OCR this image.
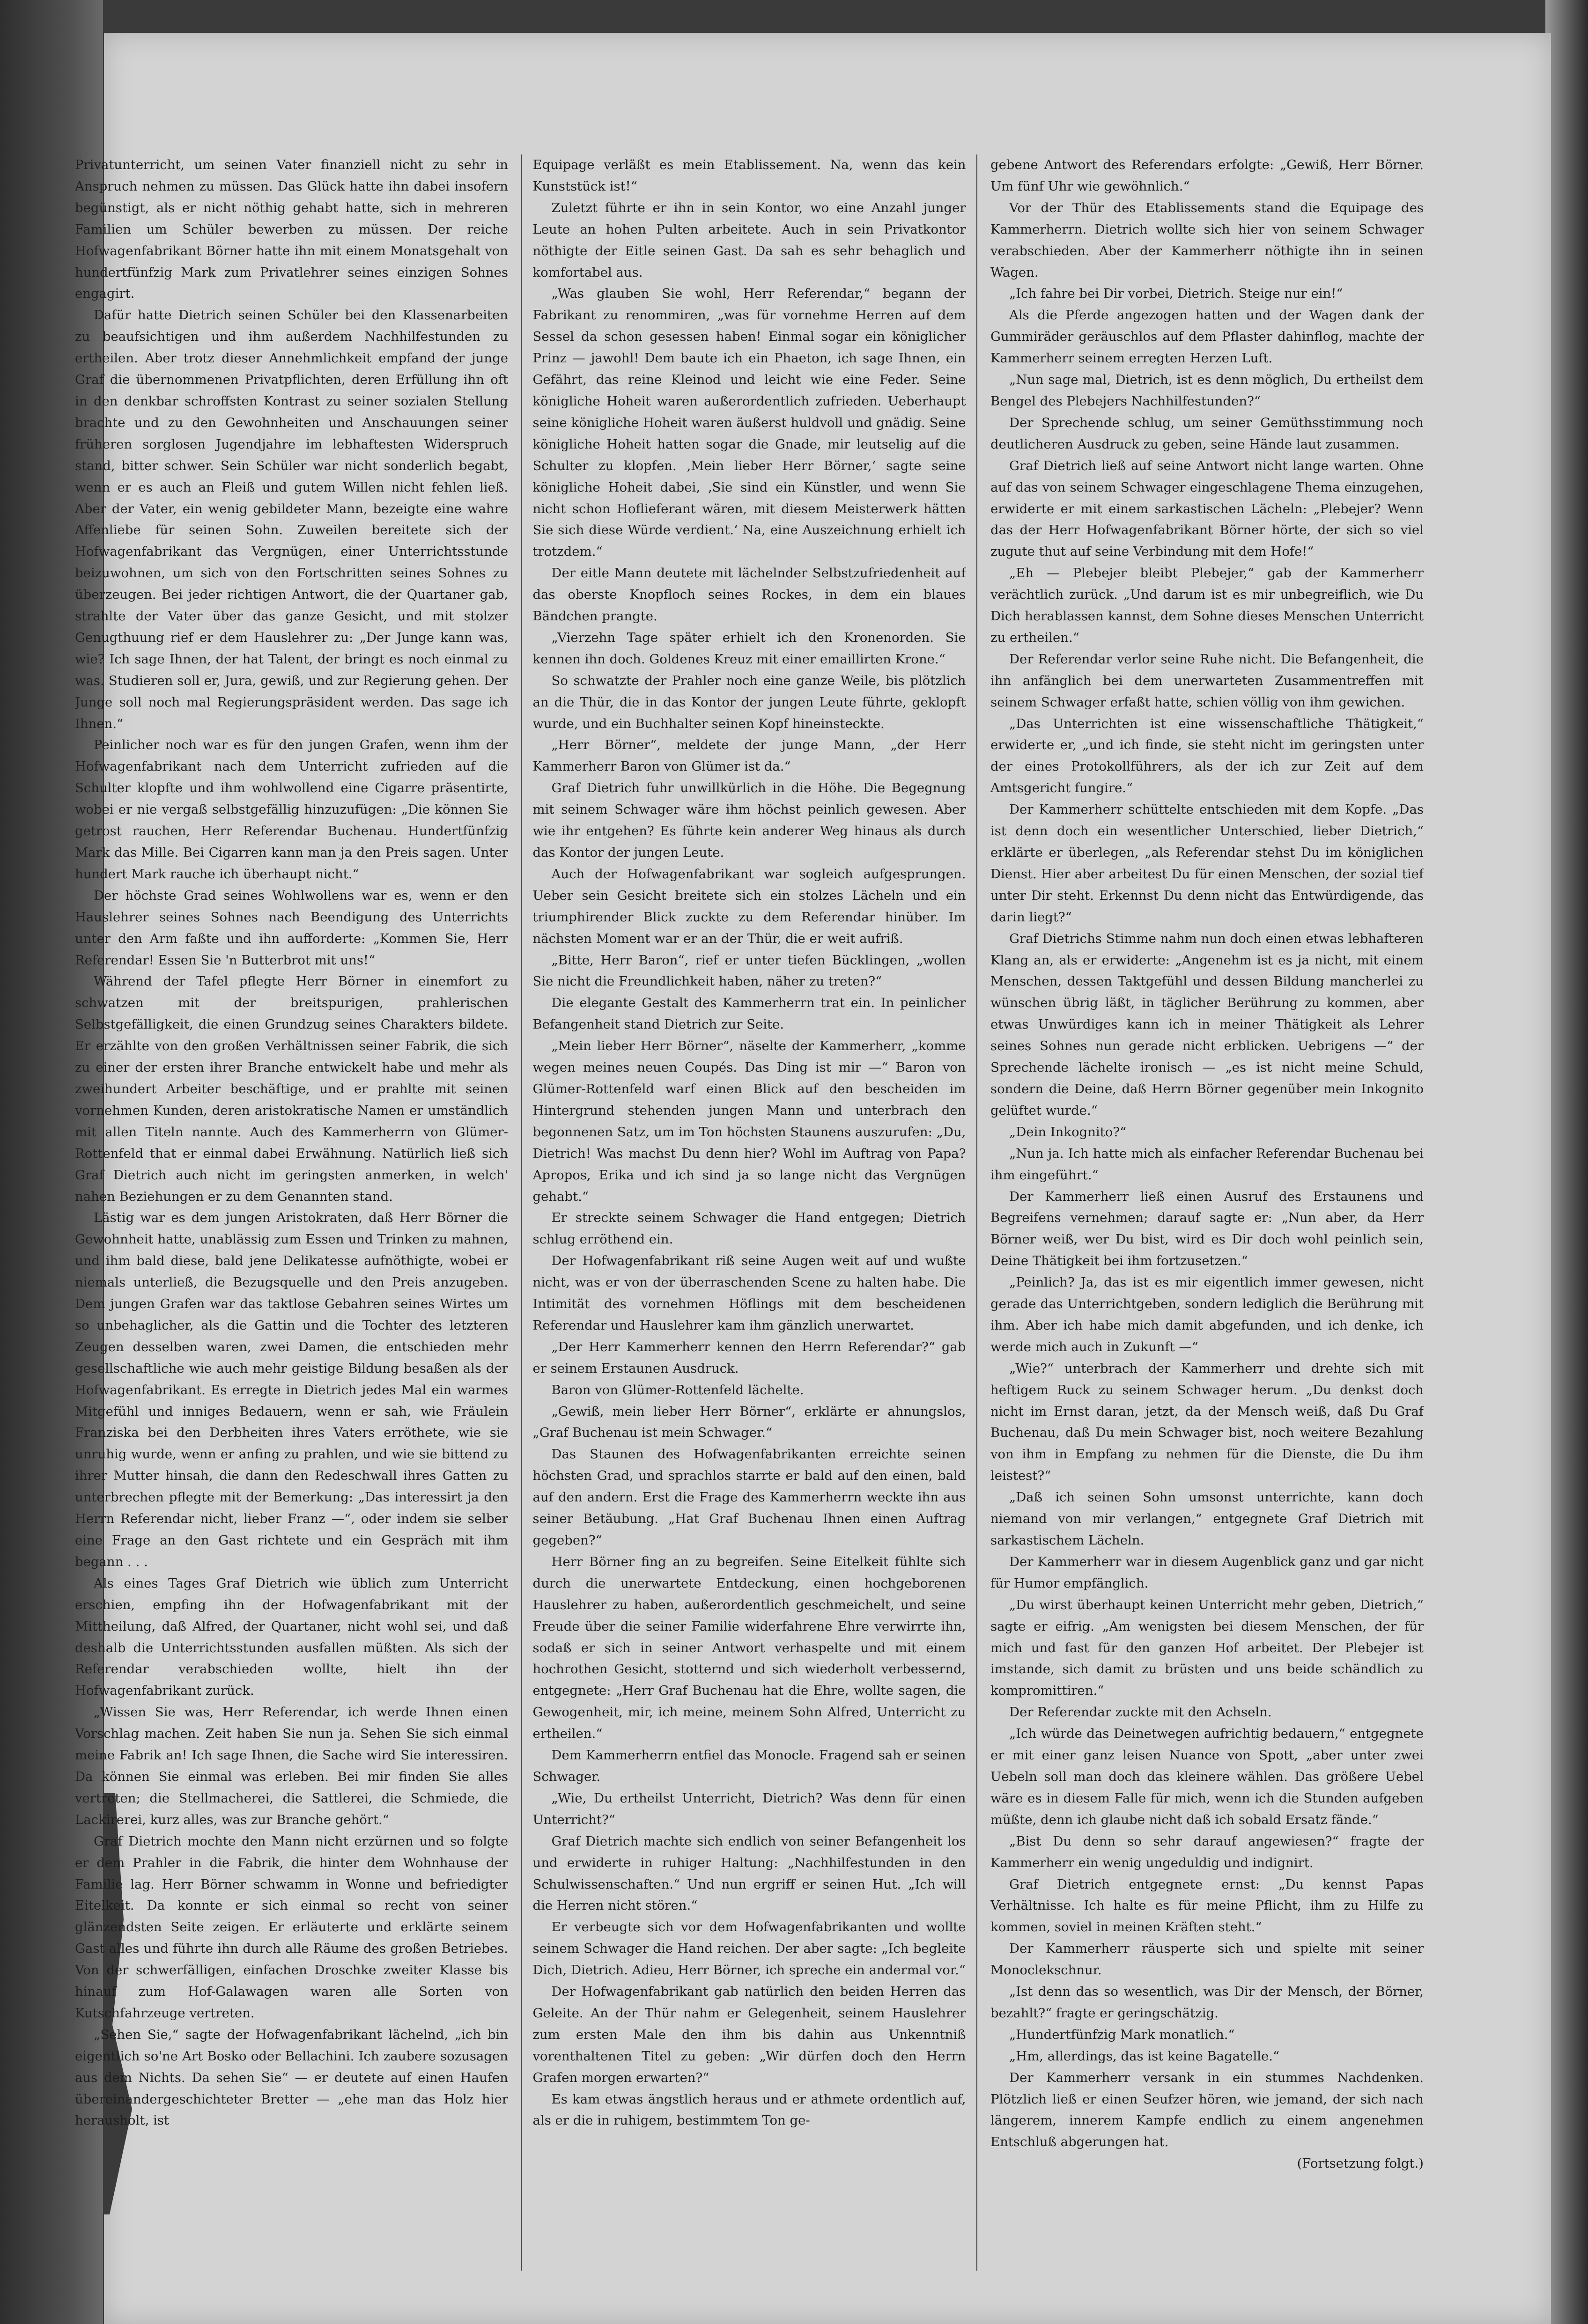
Privatunterricht, um seinen Vater finanziell nicht zu sehr in Anspruch nehmen zu müssen. Das Glück hatte ihn dabei insofern begünstigt, als er nicht nöthig gehabt hatte, sich in mehreren Familien um Schüler bewerben zu müssen. Der reiche Hofwagenfabrikant Börner hatte ihn mit einem Monatsgehalt von hundertfünfzig Mark zum Privatlehrer seines einzigen Sohnes engagirt.

Dafür hatte Dietrich seinen Schüler bei den Klassenarbeiten zu beaufsichtigen und ihm außerdem Nachhilfestunden zu ertheilen. Aber trotz dieser Annehmlichkeit empfand der junge Graf die übernommenen Privatpflichten, deren Erfüllung ihn oft in den denkbar schroffsten Kontrast zu seiner sozialen Stellung brachte und zu den Gewohnheiten und Anschauungen seiner früheren sorglosen Jugendjahre im lebhaftesten Widerspruch stand, bitter schwer. Sein Schüler war nicht sonderlich begabt, wenn er es auch an Fleiß und gutem Willen nicht fehlen ließ. Aber der Vater, ein wenig gebildeter Mann, bezeigte eine wahre Affenliebe für seinen Sohn. Zuweilen bereitete sich der Hofwagenfabrikant das Vergnügen, einer Unterrichtsstunde beizuwohnen, um sich von den Fortschritten seines Sohnes zu überzeugen. Bei jeder richtigen Antwort, die der Quartaner gab, strahlte der Vater über das ganze Gesicht, und mit stolzer Genugthuung rief er dem Hauslehrer zu: „Der Junge kann was, wie? Ich sage Ihnen, der hat Talent, der bringt es noch einmal zu was. Studieren soll er, Jura, gewiß, und zur Regierung gehen. Der Junge soll noch mal Regierungspräsident werden. Das sage ich Ihnen.“

Peinlicher noch war es für den jungen Grafen, wenn ihm der Hofwagenfabrikant nach dem Unterricht zufrieden auf die Schulter klopfte und ihm wohlwollend eine Cigarre präsentirte, wobei er nie vergaß selbstgefällig hinzuzufügen: „Die können Sie getrost rauchen, Herr Referendar Buchenau. Hundertfünfzig Mark das Mille. Bei Cigarren kann man ja den Preis sagen. Unter hundert Mark rauche ich überhaupt nicht.“

Der höchste Grad seines Wohlwollens war es, wenn er den Hauslehrer seines Sohnes nach Beendigung des Unterrichts unter den Arm faßte und ihn aufforderte: „Kommen Sie, Herr Referendar! Essen Sie 'n Butterbrot mit uns!“

Während der Tafel pflegte Herr Börner in einemfort zu schwatzen mit der breitspurigen, prahlerischen Selbstgefälligkeit, die einen Grundzug seines Charakters bildete. Er erzählte von den großen Verhältnissen seiner Fabrik, die sich zu einer der ersten ihrer Branche entwickelt habe und mehr als zweihundert Arbeiter beschäftige, und er prahlte mit seinen vornehmen Kunden, deren aristokratische Namen er umständlich mit allen Titeln nannte. Auch des Kammerherrn von Glümer-Rottenfeld that er einmal dabei Erwähnung. Natürlich ließ sich Graf Dietrich auch nicht im geringsten anmerken, in welch' nahen Beziehungen er zu dem Genannten stand.

Lästig war es dem jungen Aristokraten, daß Herr Börner die Gewohnheit hatte, unablässig zum Essen und Trinken zu mahnen, und ihm bald diese, bald jene Delikatesse aufnöthigte, wobei er niemals unterließ, die Bezugsquelle und den Preis anzugeben. Dem jungen Grafen war das taktlose Gebahren seines Wirtes um so unbehaglicher, als die Gattin und die Tochter des letzteren Zeugen desselben waren, zwei Damen, die entschieden mehr gesellschaftliche wie auch mehr geistige Bildung besaßen als der Hofwagenfabrikant. Es erregte in Dietrich jedes Mal ein warmes Mitgefühl und inniges Bedauern, wenn er sah, wie Fräulein Franziska bei den Derbheiten ihres Vaters erröthete, wie sie unruhig wurde, wenn er anfing zu prahlen, und wie sie bittend zu ihrer Mutter hinsah, die dann den Redeschwall ihres Gatten zu unterbrechen pflegte mit der Bemerkung: „Das interessirt ja den Herrn Referendar nicht, lieber Franz —“, oder indem sie selber eine Frage an den Gast richtete und ein Gespräch mit ihm begann . . .

Als eines Tages Graf Dietrich wie üblich zum Unterricht erschien, empfing ihn der Hofwagenfabrikant mit der Mittheilung, daß Alfred, der Quartaner, nicht wohl sei, und daß deshalb die Unterrichtsstunden ausfallen müßten. Als sich der Referendar verabschieden wollte, hielt ihn der Hofwagenfabrikant zurück.

„Wissen Sie was, Herr Referendar, ich werde Ihnen einen Vorschlag machen. Zeit haben Sie nun ja. Sehen Sie sich einmal meine Fabrik an! Ich sage Ihnen, die Sache wird Sie interessiren. Da können Sie einmal was erleben. Bei mir finden Sie alles vertreten; die Stellmacherei, die Sattlerei, die Schmiede, die Lackirerei, kurz alles, was zur Branche gehört.“

Graf Dietrich mochte den Mann nicht erzürnen und so folgte er dem Prahler in die Fabrik, die hinter dem Wohnhause der Familie lag. Herr Börner schwamm in Wonne und befriedigter Eitelkeit. Da konnte er sich einmal so recht von seiner glänzendsten Seite zeigen. Er erläuterte und erklärte seinem Gast alles und führte ihn durch alle Räume des großen Betriebes. Von der schwerfälligen, einfachen Droschke zweiter Klasse bis hinauf zum Hof-Galawagen waren alle Sorten von Kutschfahrzeuge vertreten.

„Sehen Sie,“ sagte der Hofwagenfabrikant lächelnd, „ich bin eigentlich so'ne Art Bosko oder Bellachini. Ich zaubere sozusagen aus dem Nichts. Da sehen Sie“ — er deutete auf einen Haufen übereinandergeschichteter Bretter — „ehe man das Holz hier herausholt, ist

Equipage verläßt es mein Etablissement. Na, wenn das kein Kunststück ist!“

Zuletzt führte er ihn in sein Kontor, wo eine Anzahl junger Leute an hohen Pulten arbeitete. Auch in sein Privatkontor nöthigte der Eitle seinen Gast. Da sah es sehr behaglich und komfortabel aus.

„Was glauben Sie wohl, Herr Referendar,“ begann der Fabrikant zu renommiren, „was für vornehme Herren auf dem Sessel da schon gesessen haben! Einmal sogar ein königlicher Prinz — jawohl! Dem baute ich ein Phaeton, ich sage Ihnen, ein Gefährt, das reine Kleinod und leicht wie eine Feder. Seine königliche Hoheit waren außerordentlich zufrieden. Ueberhaupt seine königliche Hoheit waren äußerst huldvoll und gnädig. Seine königliche Hoheit hatten sogar die Gnade, mir leutselig auf die Schulter zu klopfen. ‚Mein lieber Herr Börner,‘ sagte seine königliche Hoheit dabei, ‚Sie sind ein Künstler, und wenn Sie nicht schon Hoflieferant wären, mit diesem Meisterwerk hätten Sie sich diese Würde verdient.‘ Na, eine Auszeichnung erhielt ich trotzdem.“

Der eitle Mann deutete mit lächelnder Selbstzufriedenheit auf das oberste Knopfloch seines Rockes, in dem ein blaues Bändchen prangte.

„Vierzehn Tage später erhielt ich den Kronenorden. Sie kennen ihn doch. Goldenes Kreuz mit einer emaillirten Krone.“

So schwatzte der Prahler noch eine ganze Weile, bis plötzlich an die Thür, die in das Kontor der jungen Leute führte, geklopft wurde, und ein Buchhalter seinen Kopf hineinsteckte.

„Herr Börner“, meldete der junge Mann, „der Herr Kammerherr Baron von Glümer ist da.“

Graf Dietrich fuhr unwillkürlich in die Höhe. Die Begegnung mit seinem Schwager wäre ihm höchst peinlich gewesen. Aber wie ihr entgehen? Es führte kein anderer Weg hinaus als durch das Kontor der jungen Leute.

Auch der Hofwagenfabrikant war sogleich aufgesprungen. Ueber sein Gesicht breitete sich ein stolzes Lächeln und ein triumphirender Blick zuckte zu dem Referendar hinüber. Im nächsten Moment war er an der Thür, die er weit aufriß.

„Bitte, Herr Baron“, rief er unter tiefen Bücklingen, „wollen Sie nicht die Freundlichkeit haben, näher zu treten?“

Die elegante Gestalt des Kammerherrn trat ein. In peinlicher Befangenheit stand Dietrich zur Seite.

„Mein lieber Herr Börner“, näselte der Kammerherr, „komme wegen meines neuen Coupés. Das Ding ist mir —“ Baron von Glümer-Rottenfeld warf einen Blick auf den bescheiden im Hintergrund stehenden jungen Mann und unterbrach den begonnenen Satz, um im Ton höchsten Staunens auszurufen: „Du, Dietrich! Was machst Du denn hier? Wohl im Auftrag von Papa? Apropos, Erika und ich sind ja so lange nicht das Vergnügen gehabt.“

Er streckte seinem Schwager die Hand entgegen; Dietrich schlug erröthend ein.

Der Hofwagenfabrikant riß seine Augen weit auf und wußte nicht, was er von der überraschenden Scene zu halten habe. Die Intimität des vornehmen Höflings mit dem bescheidenen Referendar und Hauslehrer kam ihm gänzlich unerwartet.

„Der Herr Kammerherr kennen den Herrn Referendar?“ gab er seinem Erstaunen Ausdruck.

Baron von Glümer-Rottenfeld lächelte.

„Gewiß, mein lieber Herr Börner“, erklärte er ahnungslos, „Graf Buchenau ist mein Schwager.“

Das Staunen des Hofwagenfabrikanten erreichte seinen höchsten Grad, und sprachlos starrte er bald auf den einen, bald auf den andern. Erst die Frage des Kammerherrn weckte ihn aus seiner Betäubung. „Hat Graf Buchenau Ihnen einen Auftrag gegeben?“

Herr Börner fing an zu begreifen. Seine Eitelkeit fühlte sich durch die unerwartete Entdeckung, einen hochgeborenen Hauslehrer zu haben, außerordentlich geschmeichelt, und seine Freude über die seiner Familie widerfahrene Ehre verwirrte ihn, sodaß er sich in seiner Antwort verhaspelte und mit einem hochrothen Gesicht, stotternd und sich wiederholt verbessernd, entgegnete: „Herr Graf Buchenau hat die Ehre, wollte sagen, die Gewogenheit, mir, ich meine, meinem Sohn Alfred, Unterricht zu ertheilen.“

Dem Kammerherrn entfiel das Monocle. Fragend sah er seinen Schwager.

„Wie, Du ertheilst Unterricht, Dietrich? Was denn für einen Unterricht?“

Graf Dietrich machte sich endlich von seiner Befangenheit los und erwiderte in ruhiger Haltung: „Nachhilfestunden in den Schulwissenschaften.“ Und nun ergriff er seinen Hut. „Ich will die Herren nicht stören.“

Er verbeugte sich vor dem Hofwagenfabrikanten und wollte seinem Schwager die Hand reichen. Der aber sagte: „Ich begleite Dich, Dietrich. Adieu, Herr Börner, ich spreche ein andermal vor.“

Der Hofwagenfabrikant gab natürlich den beiden Herren das Geleite. An der Thür nahm er Gelegenheit, seinem Hauslehrer zum ersten Male den ihm bis dahin aus Unkenntniß vorenthaltenen Titel zu geben: „Wir dürfen doch den Herrn Grafen morgen erwarten?“

Es kam etwas ängstlich heraus und er athmete ordentlich auf, als er die in ruhigem, bestimmtem Ton ge-

gebene Antwort des Referendars erfolgte: „Gewiß, Herr Börner. Um fünf Uhr wie gewöhnlich.“

Vor der Thür des Etablissements stand die Equipage des Kammerherrn. Dietrich wollte sich hier von seinem Schwager verabschieden. Aber der Kammerherr nöthigte ihn in seinen Wagen.

„Ich fahre bei Dir vorbei, Dietrich. Steige nur ein!“

Als die Pferde angezogen hatten und der Wagen dank der Gummiräder geräuschlos auf dem Pflaster dahinflog, machte der Kammerherr seinem erregten Herzen Luft.

„Nun sage mal, Dietrich, ist es denn möglich, Du ertheilst dem Bengel des Plebejers Nachhilfestunden?“

Der Sprechende schlug, um seiner Gemüthsstimmung noch deutlicheren Ausdruck zu geben, seine Hände laut zusammen.

Graf Dietrich ließ auf seine Antwort nicht lange warten. Ohne auf das von seinem Schwager eingeschlagene Thema einzugehen, erwiderte er mit einem sarkastischen Lächeln: „Plebejer? Wenn das der Herr Hofwagenfabrikant Börner hörte, der sich so viel zugute thut auf seine Verbindung mit dem Hofe!“

„Eh — Plebejer bleibt Plebejer,“ gab der Kammerherr verächtlich zurück. „Und darum ist es mir unbegreiflich, wie Du Dich herablassen kannst, dem Sohne dieses Menschen Unterricht zu ertheilen.“

Der Referendar verlor seine Ruhe nicht. Die Befangenheit, die ihn anfänglich bei dem unerwarteten Zusammentreffen mit seinem Schwager erfaßt hatte, schien völlig von ihm gewichen.

„Das Unterrichten ist eine wissenschaftliche Thätigkeit,“ erwiderte er, „und ich finde, sie steht nicht im geringsten unter der eines Protokollführers, als der ich zur Zeit auf dem Amtsgericht fungire.“

Der Kammerherr schüttelte entschieden mit dem Kopfe. „Das ist denn doch ein wesentlicher Unterschied, lieber Dietrich,“ erklärte er überlegen, „als Referendar stehst Du im königlichen Dienst. Hier aber arbeitest Du für einen Menschen, der sozial tief unter Dir steht. Erkennst Du denn nicht das Entwürdigende, das darin liegt?“

Graf Dietrichs Stimme nahm nun doch einen etwas lebhafteren Klang an, als er erwiderte: „Angenehm ist es ja nicht, mit einem Menschen, dessen Taktgefühl und dessen Bildung mancherlei zu wünschen übrig läßt, in täglicher Berührung zu kommen, aber etwas Unwürdiges kann ich in meiner Thätigkeit als Lehrer seines Sohnes nun gerade nicht erblicken. Uebrigens —“ der Sprechende lächelte ironisch — „es ist nicht meine Schuld, sondern die Deine, daß Herrn Börner gegenüber mein Inkognito gelüftet wurde.“

„Dein Inkognito?“

„Nun ja. Ich hatte mich als einfacher Referendar Buchenau bei ihm eingeführt.“

Der Kammerherr ließ einen Ausruf des Erstaunens und Begreifens vernehmen; darauf sagte er: „Nun aber, da Herr Börner weiß, wer Du bist, wird es Dir doch wohl peinlich sein, Deine Thätigkeit bei ihm fortzusetzen.“

„Peinlich? Ja, das ist es mir eigentlich immer gewesen, nicht gerade das Unterrichtgeben, sondern lediglich die Berührung mit ihm. Aber ich habe mich damit abgefunden, und ich denke, ich werde mich auch in Zukunft —“

„Wie?“ unterbrach der Kammerherr und drehte sich mit heftigem Ruck zu seinem Schwager herum. „Du denkst doch nicht im Ernst daran, jetzt, da der Mensch weiß, daß Du Graf Buchenau, daß Du mein Schwager bist, noch weitere Bezahlung von ihm in Empfang zu nehmen für die Dienste, die Du ihm leistest?“

„Daß ich seinen Sohn umsonst unterrichte, kann doch niemand von mir verlangen,“ entgegnete Graf Dietrich mit sarkastischem Lächeln.

Der Kammerherr war in diesem Augenblick ganz und gar nicht für Humor empfänglich.

„Du wirst überhaupt keinen Unterricht mehr geben, Dietrich,“ sagte er eifrig. „Am wenigsten bei diesem Menschen, der für mich und fast für den ganzen Hof arbeitet. Der Plebejer ist imstande, sich damit zu brüsten und uns beide schändlich zu kompromittiren.“

Der Referendar zuckte mit den Achseln.

„Ich würde das Deinetwegen aufrichtig bedauern,“ entgegnete er mit einer ganz leisen Nuance von Spott, „aber unter zwei Uebeln soll man doch das kleinere wählen. Das größere Uebel wäre es in diesem Falle für mich, wenn ich die Stunden aufgeben müßte, denn ich glaube nicht daß ich sobald Ersatz fände.“

„Bist Du denn so sehr darauf angewiesen?“ fragte der Kammerherr ein wenig ungeduldig und indignirt.

Graf Dietrich entgegnete ernst: „Du kennst Papas Verhältnisse. Ich halte es für meine Pflicht, ihm zu Hilfe zu kommen, soviel in meinen Kräften steht.“

Der Kammerherr räusperte sich und spielte mit seiner Monoclekschnur.

„Ist denn das so wesentlich, was Dir der Mensch, der Börner, bezahlt?“ fragte er geringschätzig.

„Hundertfünfzig Mark monatlich.“

„Hm, allerdings, das ist keine Bagatelle.“

Der Kammerherr versank in ein stummes Nachdenken. Plötzlich ließ er einen Seufzer hören, wie jemand, der sich nach längerem, innerem Kampfe endlich zu einem angenehmen Entschluß abgerungen hat.

(Fortsetzung folgt.)
